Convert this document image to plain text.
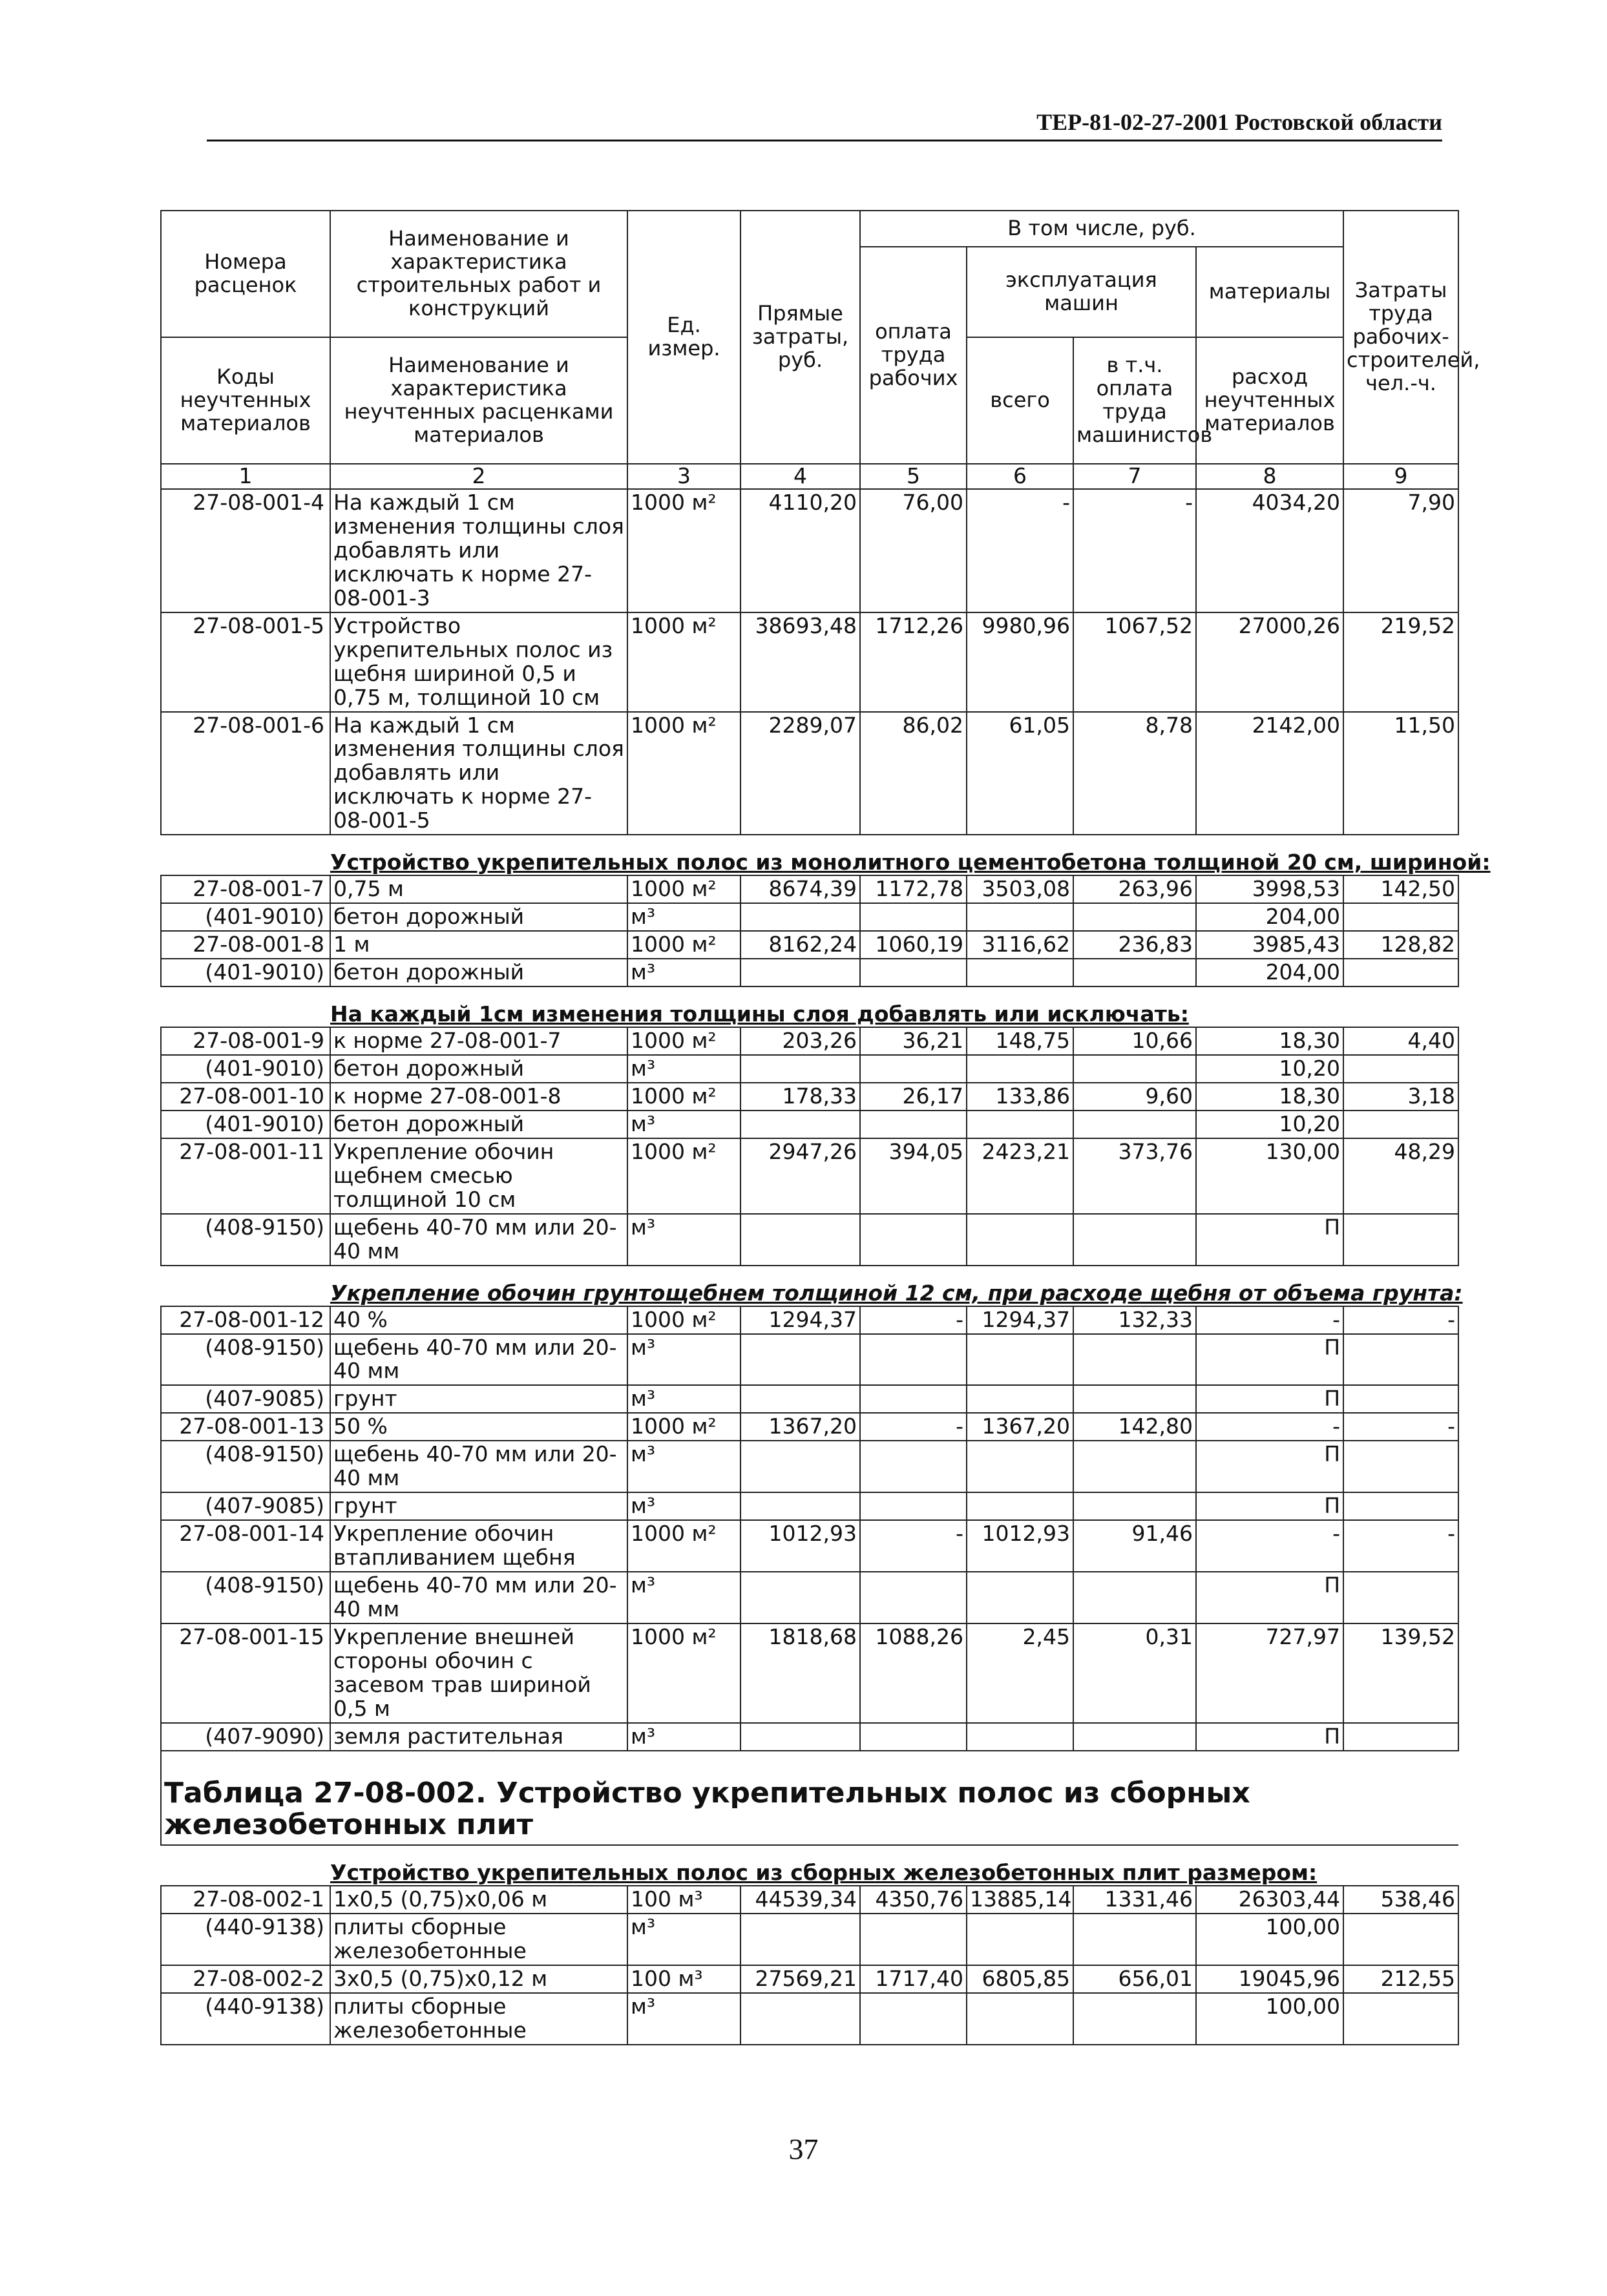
ТЕР-81-02-27-2001 Ростовской области
Номера расценок	Наименование и характеристика строительных работ и конструкций	Ед. измер.	Прямые затраты, руб.	В том числе, руб.				Затраты труда рабочих-строителей, чел.-ч.
				оплата труда рабочих	эксплуатация машин		материалы	
Коды неучтенных материалов	Наименование и характеристика неучтенных расценками материалов				всего	в т.ч. оплата труда машинистов	расход неучтенных материалов	

1	2	3	4	5	6	7	8	9
27-08-001-4	На каждый 1 см изменения толщины слоя добавлять или исключать к норме 27-08-001-3	1000 м²	4110,20	76,00	-	-	4034,20	7,90
27-08-001-5	Устройство укрепительных полос из щебня шириной 0,5 и 0,75 м, толщиной 10 см	1000 м²	38693,48	1712,26	9980,96	1067,52	27000,26	219,52
27-08-001-6	На каждый 1 см изменения толщины слоя добавлять или исключать к норме 27-08-001-5	1000 м²	2289,07	86,02	61,05	8,78	2142,00	11,50
Устройство укрепительных полос из монолитного цементобетона толщиной 20 см, шириной:								
27-08-001-7	0,75 м	1000 м²	8674,39	1172,78	3503,08	263,96	3998,53	142,50
(401-9010)	бетон дорожный	м³					204,00	
27-08-001-8	1 м	1000 м²	8162,24	1060,19	3116,62	236,83	3985,43	128,82
(401-9010)	бетон дорожный	м³					204,00	
На каждый 1см изменения толщины слоя добавлять или исключать:								
27-08-001-9	к норме 27-08-001-7	1000 м²	203,26	36,21	148,75	10,66	18,30	4,40
(401-9010)	бетон дорожный	м³					10,20	
27-08-001-10	к норме 27-08-001-8	1000 м²	178,33	26,17	133,86	9,60	18,30	3,18
(401-9010)	бетон дорожный	м³					10,20	
27-08-001-11	Укрепление обочин щебнем смесью толщиной 10 см	1000 м²	2947,26	394,05	2423,21	373,76	130,00	48,29
(408-9150)	щебень 40-70 мм или 20-40 мм	м³					П	
Укрепление обочин грунтощебнем толщиной 12 см, при расходе щебня от объема грунта:								
27-08-001-12	40 %	1000 м²	1294,37	-	1294,37	132,33	-	-
(408-9150)	щебень 40-70 мм или 20-40 мм	м³					П	
(407-9085)	грунт	м³					П	
27-08-001-13	50 %	1000 м²	1367,20	-	1367,20	142,80	-	-
(408-9150)	щебень 40-70 мм или 20-40 мм	м³					П	
(407-9085)	грунт	м³					П	
27-08-001-14	Укрепление обочин втапливанием щебня	1000 м²	1012,93	-	1012,93	91,46	-	-
(408-9150)	щебень 40-70 мм или 20-40 мм	м³					П	
27-08-001-15	Укрепление внешней стороны обочин с засевом трав шириной 0,5 м	1000 м²	1818,68	1088,26	2,45	0,31	727,97	139,52
(407-9090)	земля растительная	м³					П	
Таблица 27-08-002. Устройство укрепительных полос из сборных железобетонных плит								
Устройство укрепительных полос из сборных железобетонных плит размером:								
27-08-002-1	1x0,5 (0,75)x0,06 м	100 м³	44539,34	4350,76	13885,14	1331,46	26303,44	538,46
(440-9138)	плиты сборные железобетонные	м³					100,00	
27-08-002-2	3x0,5 (0,75)x0,12 м	100 м³	27569,21	1717,40	6805,85	656,01	19045,96	212,55
(440-9138)	плиты сборные железобетонные	м³					100,00	
37
